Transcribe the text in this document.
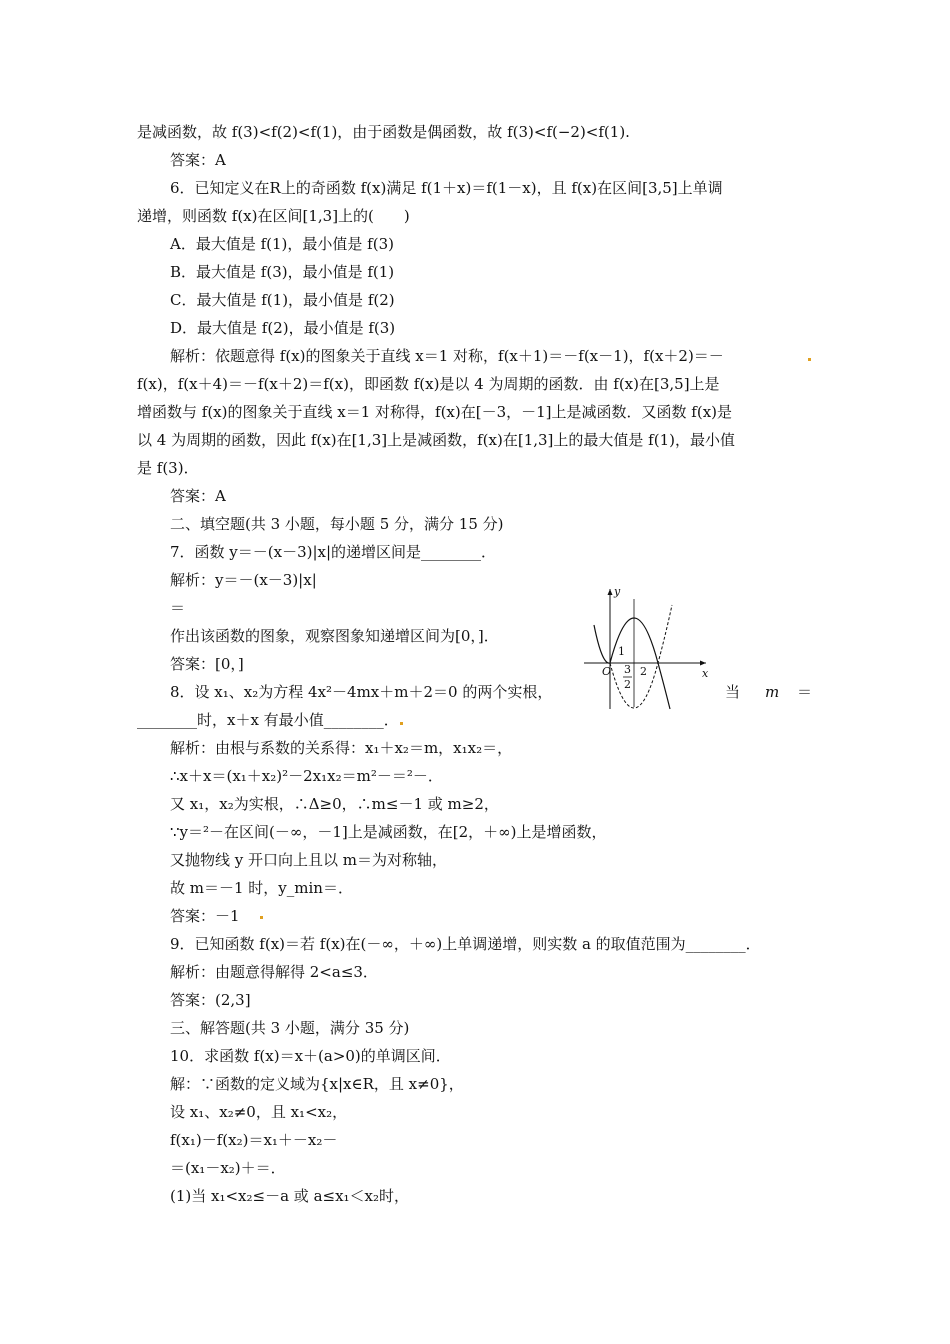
是减函数，故 f(3)<f(2)<f(1)，由于函数是偶函数，故 f(3)<f(−2)<f(1).
答案：A
6．已知定义在R上的奇函数 f(x)满足 f(1＋x)＝f(1－x)，且 f(x)在区间[3,5]上单调
递增，则函数 f(x)在区间[1,3]上的(　　)
A．最大值是 f(1)，最小值是 f(3)
B．最大值是 f(3)，最小值是 f(1)
C．最大值是 f(1)，最小值是 f(2)
D．最大值是 f(2)，最小值是 f(3)
解析：依题意得 f(x)的图象关于直线 x＝1 对称，f(x＋1)＝－f(x－1)，f(x＋2)＝－
f(x)，f(x＋4)＝－f(x＋2)＝f(x)，即函数 f(x)是以 4 为周期的函数．由 f(x)在[3,5]上是
增函数与 f(x)的图象关于直线 x＝1 对称得，f(x)在[－3，－1]上是减函数．又函数 f(x)是
以 4 为周期的函数，因此 f(x)在[1,3]上是减函数，f(x)在[1,3]上的最大值是 f(1)，最小值
是 f(3)．
答案：A
二、填空题(共 3 小题，每小题 5 分，满分 15 分)
7．函数 y＝－(x－3)|x|的递增区间是________．
解析：y＝－(x－3)|x|
＝
作出该函数的图象，观察图象知递增区间为[0，]．
答案：[0，]
8．设 x₁、x₂为方程 4x²－4mx＋m＋2＝0 的两个实根，	当 m ＝
________时，x＋x 有最小值________．
解析：由根与系数的关系得：x₁＋x₂＝m，x₁x₂＝，
∴x＋x＝(x₁＋x₂)²－2x₁x₂＝m²－＝²－．
又 x₁，x₂为实根，∴Δ≥0，∴m≤－1 或 m≥2，
∵y＝²－在区间(－∞，－1]上是减函数，在[2，＋∞)上是增函数，
又抛物线 y 开口向上且以 m＝为对称轴，
故 m＝－1 时，y_min＝．
答案：－1
9．已知函数 f(x)＝若 f(x)在(－∞，＋∞)上单调递增，则实数 a 的取值范围为________．
解析：由题意得解得 2<a≤3．
答案：(2,3]
三、解答题(共 3 小题，满分 35 分)
10．求函数 f(x)＝x＋(a>0)的单调区间．
解：∵函数的定义域为{x|x∈R，且 x≠0}，
设 x₁、x₂≠0，且 x₁<x₂，
f(x₁)－f(x₂)＝x₁＋－x₂－
＝(x₁－x₂)＋＝．
(1)当 x₁<x₂≤－a 或 a≤x₁＜x₂时，
O
1
2
3
2
x
y
